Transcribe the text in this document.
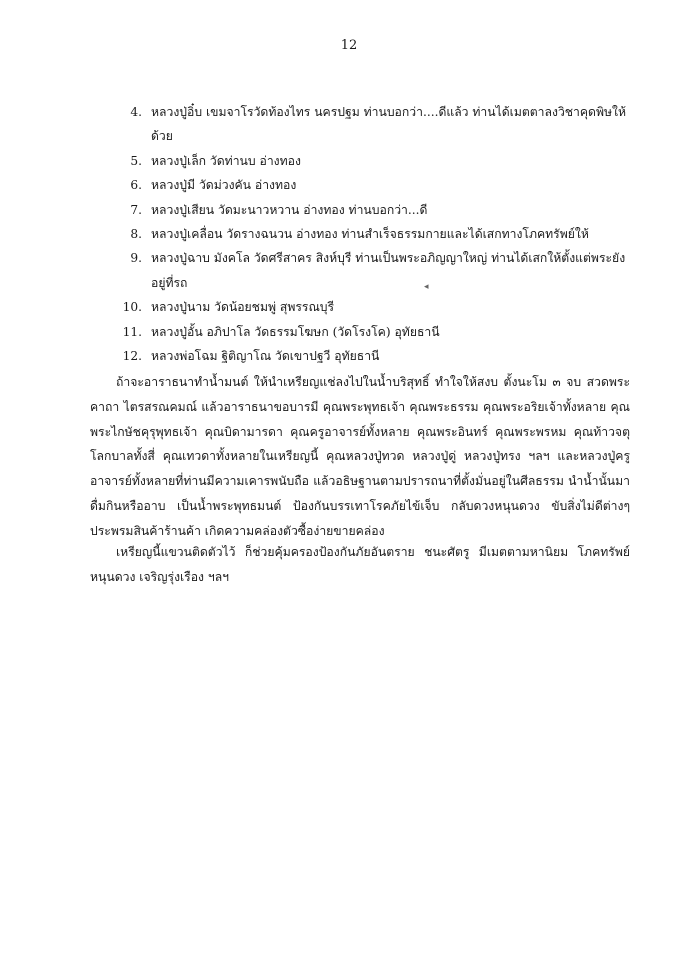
12
4. หลวงปู่อิ๋บ เขมจาโรวัดท้องไทร นครปฐม ท่านบอกว่า....ดีแล้ว ท่านได้เมตตาลงวิชาคุดพิษให้ด้วย
5. หลวงปู่เล็ก วัดท่านบ อ่างทอง
6. หลวงปู่มี วัดม่วงคัน อ่างทอง
7. หลวงปู่เสียน วัดมะนาวหวาน อ่างทอง ท่านบอกว่า...ดี
8. หลวงปู่เคลื่อน วัดรางฉนวน อ่างทอง ท่านสำเร็จธรรมกายและได้เสกทางโภคทรัพย์ให้
9. หลวงปู่ฉาบ มังคโล วัดศรีสาคร สิงห์บุรี ท่านเป็นพระอภิญญาใหญ่ ท่านได้เสกให้ตั้งแต่พระยังอยู่ที่รถ
10. หลวงปู่นาม วัดน้อยชมพู่ สุพรรณบุรี
11. หลวงปู่อั้น อภิปาโล วัดธรรมโฆษก (วัดโรงโค) อุทัยธานี
12. หลวงพ่อโฉม ฐิติญาโณ วัดเขาปฐวี อุทัยธานี

ถ้าจะอาราธนาทำน้ำมนต์ ให้นำเหรียญแช่ลงไปในน้ำบริสุทธิ์ ทำใจให้สงบ ตั้งนะโม ๓ จบ สวดพระคาถา ไตรสรณคมณ์ แล้วอาราธนาขอบารมี คุณพระพุทธเจ้า คุณพระธรรม คุณพระอริยเจ้าทั้งหลาย คุณพระไกษัชคุรุพุทธเจ้า คุณบิดามารดา คุณครูอาจารย์ทั้งหลาย คุณพระอินทร์ คุณพระพรหม คุณท้าวจตุโลกบาลทั้งสี่ คุณเทวดาทั้งหลายในเหรียญนี้ คุณหลวงปู่ทวด หลวงปู่ดู่ หลวงปู่ทรง ฯลฯ และหลวงปู่ครูอาจารย์ทั้งหลายที่ท่านมีความเคารพนับถือ แล้วอธิษฐานตามปรารถนาที่ตั้งมั่นอยู่ในศีลธรรม นำน้ำนั้นมาดื่มกินหรืออาบ เป็นน้ำพระพุทธมนต์ ป้องกันบรรเทาโรคภัยไข้เจ็บ กลับดวงหนุนดวง ขับสิ่งไม่ดีต่างๆ ประพรมสินค้าร้านค้า เกิดความคล่องตัวซื้อง่ายขายคล่อง

เหรียญนี้แขวนติดตัวไว้ ก็ช่วยคุ้มครองป้องกันภัยอันตราย ชนะศัตรู มีเมตตามหานิยม โภคทรัพย์หนุนดวง เจริญรุ่งเรือง ฯลฯ

◂
